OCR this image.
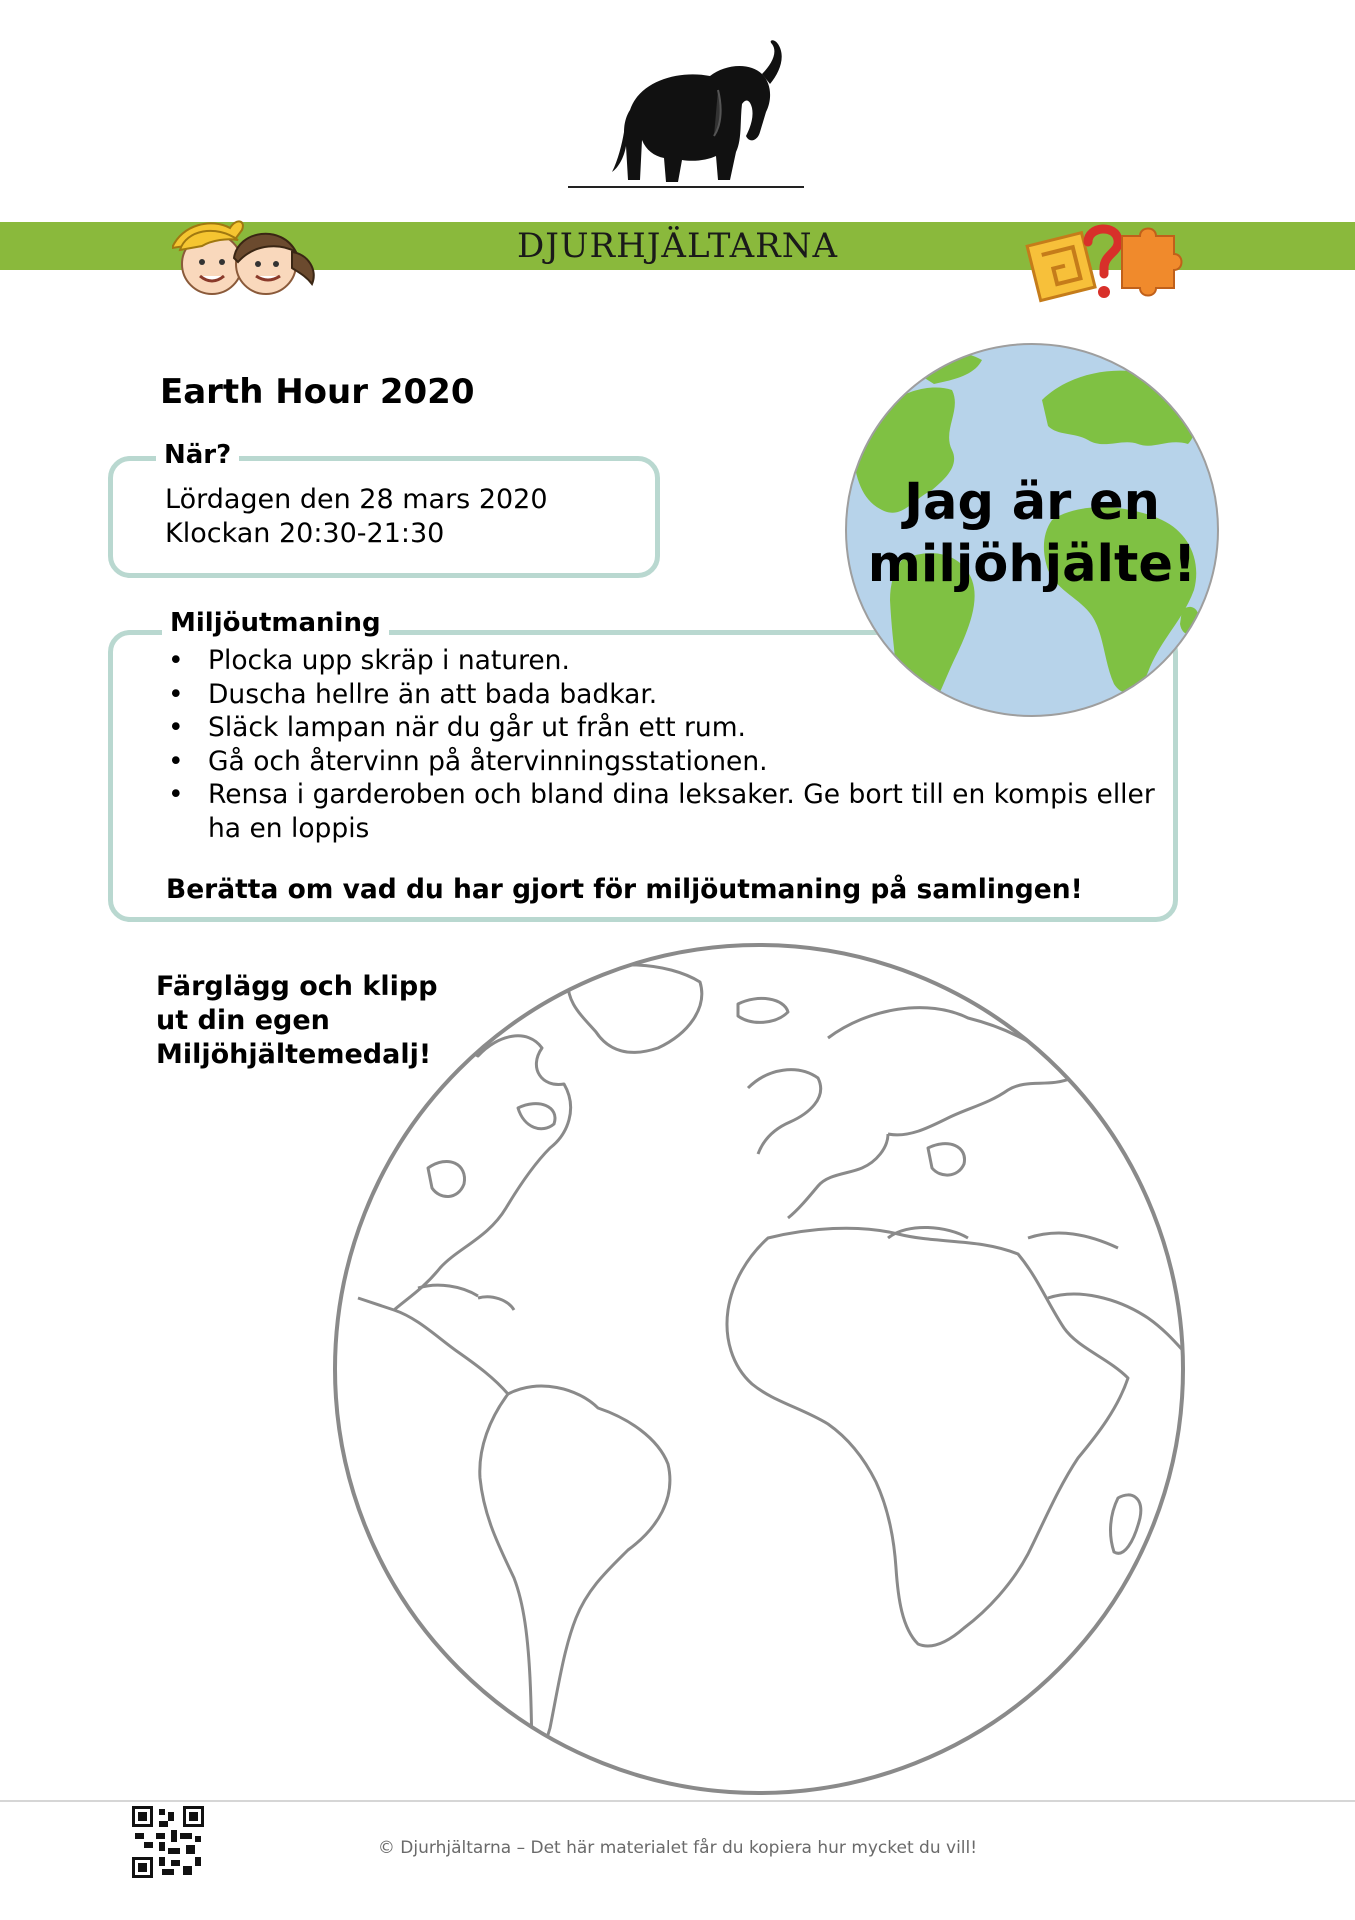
DJURHJÄLTARNA
Earth Hour 2020
När?
Lördagen den 28 mars 2020
Klockan 20:30-21:30
Miljöutmaning
• Plocka upp skräp i naturen.
• Duscha hellre än att bada badkar.
• Släck lampan när du går ut från ett rum.
• Gå och återvinn på återvinningsstationen.
• Rensa i garderoben och bland dina leksaker. Ge bort till en kompis eller ha en loppis
Berätta om vad du har gjort för miljöutmaning på samlingen!
Jag är en
miljöhjälte!
Färglägg och klipp
ut din egen
Miljöhjältemedalj!
© Djurhjältarna – Det här materialet får du kopiera hur mycket du vill!
